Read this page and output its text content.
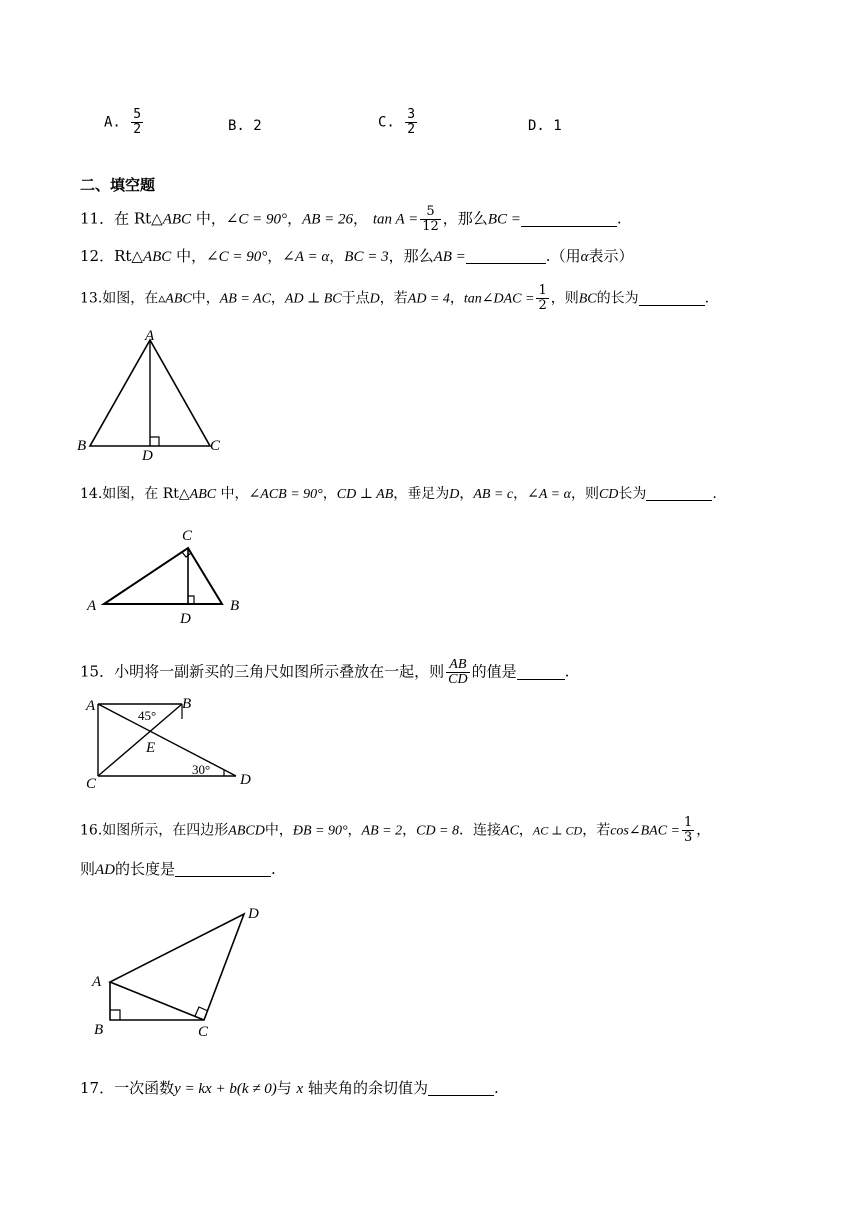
A. $\frac{5}{2}$	B. 2	C. $\frac{3}{2}$	D. 1
二、填空题
11．在 Rt△ABC 中，∠C = 90°，AB = 26， $\tan A = \frac{5}{12}$ ，那么BC =	.
12．Rt△ABC 中，∠C = 90°，∠A = α，BC = 3，那么AB =	.（用α表示）
13.如图，在▵ABC中，AB = AC，AD ⊥ BC于点D，若AD = 4，tan∠DAC = $\frac{1}{2}$ ，则BC的长为	.
A
B	C
D
14.如图，在 Rt△ABC 中，∠ACB = 90°，CD ⊥ AB，垂足为D，AB = c，∠A = α，则CD长为	.
C
A	B
D
15．小明将一副新买的三角尺如图所示叠放在一起，则 $\frac{AB}{CD}$ 的值是	.
A	B
C	D
E
45°
30°
16.如图所示，在四边形ABCD中，ÐB = 90°，AB = 2，CD = 8．连接AC，AC ⊥ CD，若cos∠BAC = $\frac{1}{3}$ ，
则AD的长度是	.
D
A
B	C
17．一次函数y = kx + b(k ≠ 0)与 x 轴夹角的余切值为	.
